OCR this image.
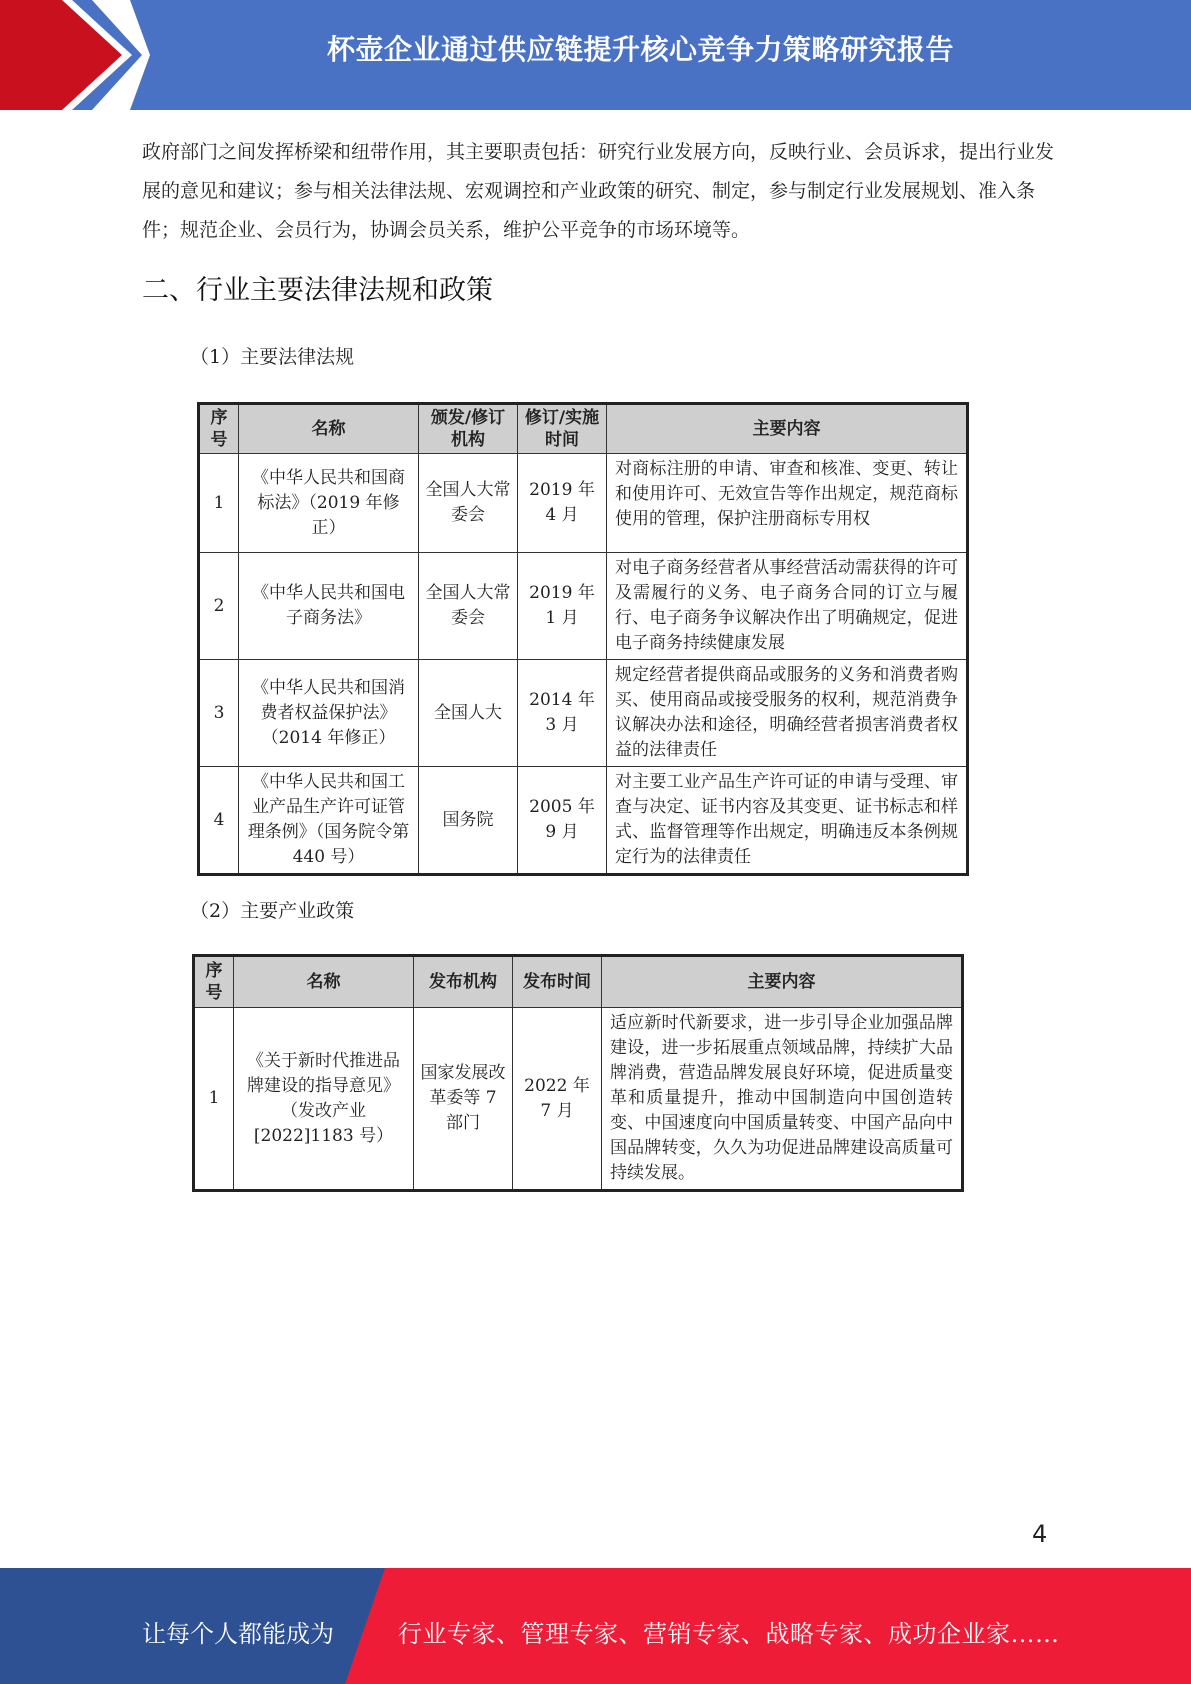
杯壶企业通过供应链提升核心竞争力策略研究报告
政府部门之间发挥桥梁和纽带作用，其主要职责包括：研究行业发展方向，反映行业、会员诉求，提出行业发展的意见和建议；参与相关法律法规、宏观调控和产业政策的研究、制定，参与制定行业发展规划、准入条件；规范企业、会员行为，协调会员关系，维护公平竞争的市场环境等。
二、行业主要法律法规和政策
（1）主要法律法规
序号	名称	颁发/修订机构	修订/实施时间	主要内容
1	《中华人民共和国商标法》（2019 年修正）	全国人大常委会	2019 年 4 月	对商标注册的申请、审查和核准、变更、转让和使用许可、无效宣告等作出规定，规范商标使用的管理，保护注册商标专用权
2	《中华人民共和国电子商务法》	全国人大常委会	2019 年 1 月	对电子商务经营者从事经营活动需获得的许可及需履行的义务、电子商务合同的订立与履行、电子商务争议解决作出了明确规定，促进电子商务持续健康发展
3	《中华人民共和国消费者权益保护法》（2014 年修正）	全国人大	2014 年 3 月	规定经营者提供商品或服务的义务和消费者购买、使用商品或接受服务的权利，规范消费争议解决办法和途径，明确经营者损害消费者权益的法律责任
4	《中华人民共和国工业产品生产许可证管理条例》（国务院令第 440 号）	国务院	2005 年 9 月	对主要工业产品生产许可证的申请与受理、审查与决定、证书内容及其变更、证书标志和样式、监督管理等作出规定，明确违反本条例规定行为的法律责任
（2）主要产业政策
序号	名称	发布机构	发布时间	主要内容
1	《关于新时代推进品牌建设的指导意见》（发改产业[2022]1183 号）	国家发展改革委等 7 部门	2022 年 7 月	适应新时代新要求，进一步引导企业加强品牌建设，进一步拓展重点领域品牌，持续扩大品牌消费，营造品牌发展良好环境，促进质量变革和质量提升，推动中国制造向中国创造转变、中国速度向中国质量转变、中国产品向中国品牌转变，久久为功促进品牌建设高质量可持续发展。
4
让每个人都能成为	行业专家、管理专家、营销专家、战略专家、成功企业家……
